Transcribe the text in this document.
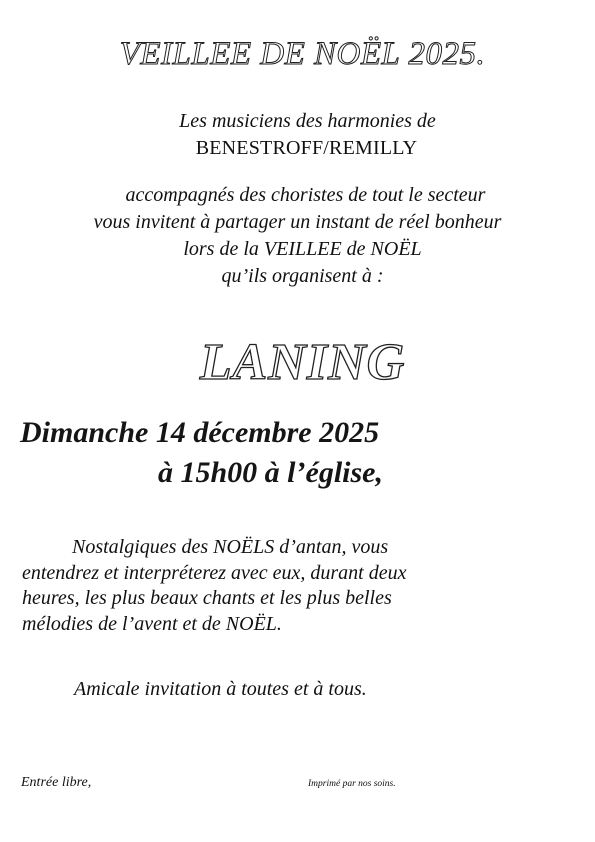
VEILLEE DE NOËL 2025.
Les musiciens des harmonies de
BENESTROFF/REMILLY
accompagnés des choristes de tout le secteur
vous invitent à partager un instant de réel bonheur
lors de la VEILLEE de NOËL
qu’ils organisent à :
LANING
Dimanche 14 décembre 2025
à 15h00 à l’église,
Nostalgiques des NOËLS d’antan, vous
entendrez et interpréterez avec eux, durant deux
heures, les plus beaux chants et les plus belles
mélodies de l’avent et de NOËL.
Amicale invitation à toutes et à tous.
Entrée libre,	Imprimé par nos soins.
